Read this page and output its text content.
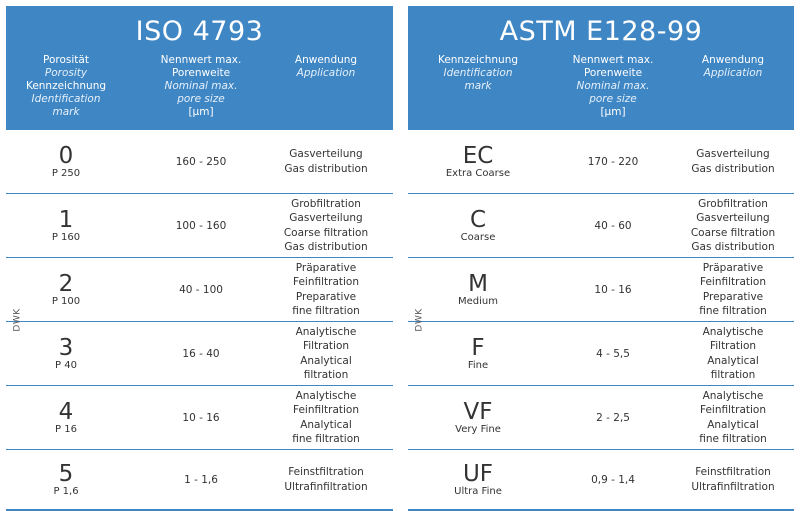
ISO 4793
Porosität
Porosity
Kennzeichnung
Identification
mark
Nennwert max.
Porenweite
Nominal max.
pore size
[µm]
Anwendung
Application
DWK
0
P 250
160 - 250
Gasverteilung
Gas distribution
1
P 160
100 - 160
Grobfiltration
Gasverteilung
Coarse filtration
Gas distribution
2
P 100
40 - 100
Präparative
Feinfiltration
Preparative
fine filtration
3
P 40
16 - 40
Analytische
Filtration
Analytical
filtration
4
P 16
10 - 16
Analytische
Feinfiltration
Analytical
fine filtration
5
P 1,6
1 - 1,6
Feinstfiltration
Ultrafinfiltration
ASTM E128-99
Kennzeichnung
Identification
mark
Nennwert max.
Porenweite
Nominal max.
pore size
[µm]
Anwendung
Application
DWK
EC
Extra Coarse
170 - 220
Gasverteilung
Gas distribution
C
Coarse
40 - 60
Grobfiltration
Gasverteilung
Coarse filtration
Gas distribution
M
Medium
10 - 16
Präparative
Feinfiltration
Preparative
fine filtration
F
Fine
4 - 5,5
Analytische
Filtration
Analytical
filtration
VF
Very Fine
2 - 2,5
Analytische
Feinfiltration
Analytical
fine filtration
UF
Ultra Fine
0,9 - 1,4
Feinstfiltration
Ultrafinfiltration
